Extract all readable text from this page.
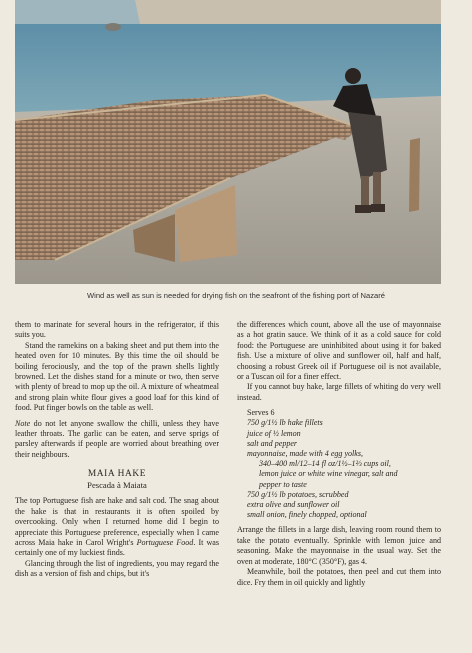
Wind as well as sun is needed for drying fish on the seafront of the fishing port of Nazaré

them to marinate for several hours in the refrigerator, if this suits you.

Stand the ramekins on a baking sheet and put them into the heated oven for 10 minutes. By this time the oil should be boiling ferociously, and the top of the prawn shells lightly browned. Let the dishes stand for a minute or two, then serve with plenty of bread to mop up the oil. A mixture of wheatmeal and strong plain white flour gives a good loaf for this kind of food. Put finger bowls on the table as well.

Note do not let anyone swallow the chilli, unless they have leather throats. The garlic can be eaten, and serve sprigs of parsley afterwards if people are worried about breathing over their neighbours.

MAIA HAKE
Pescada à Maiata

The top Portuguese fish are hake and salt cod. The snag about the hake is that in restaurants it is often spoiled by overcooking. Only when I returned home did I begin to appreciate this Portuguese preference, especially when I came across Maia hake in Carol Wright's Portuguese Food. It was certainly one of my luckiest finds.

Glancing through the list of ingredients, you may regard the dish as a version of fish and chips, but it's

the differences which count, above all the use of mayonnaise as a hot gratin sauce. We think of it as a cold sauce for cold food: the Portuguese are uninhibited about using it for baked fish. Use a mixture of olive and sunflower oil, half and half, choosing a robust Greek oil if Portuguese oil is not available, or a Tuscan oil for a finer effect.

If you cannot buy hake, large fillets of whiting do very well instead.

Serves 6
750 g/1½ lb hake fillets
juice of ½ lemon
salt and pepper
mayonnaise, made with 4 egg yolks,
340–400 ml/12–14 fl oz/1½–1⅔ cups oil,
lemon juice or white wine vinegar, salt and
pepper to taste
750 g/1½ lb potatoes, scrubbed
extra olive and sunflower oil
small onion, finely chopped, optional

Arrange the fillets in a large dish, leaving room round them to take the potato eventually. Sprinkle with lemon juice and seasoning. Make the mayonnaise in the usual way. Set the oven at moderate, 180°C (350°F), gas 4.

Meanwhile, boil the potatoes, then peel and cut them into dice. Fry them in oil quickly and lightly
